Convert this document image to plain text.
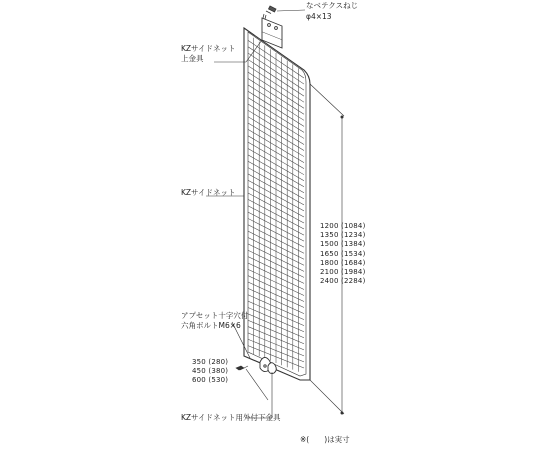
なベテクスねじ
φ4×13
KZサイドネット
上金具
KZサイドネット
アプセット十字穴付
六角ボルトM6×6
KZサイドネット用外付下金具
※(　　)は実寸
1200 (1084)
1350 (1234)
1500 (1384)
1650 (1534)
1800 (1684)
2100 (1984)
2400 (2284)
350 (280)
450 (380)
600 (530)
